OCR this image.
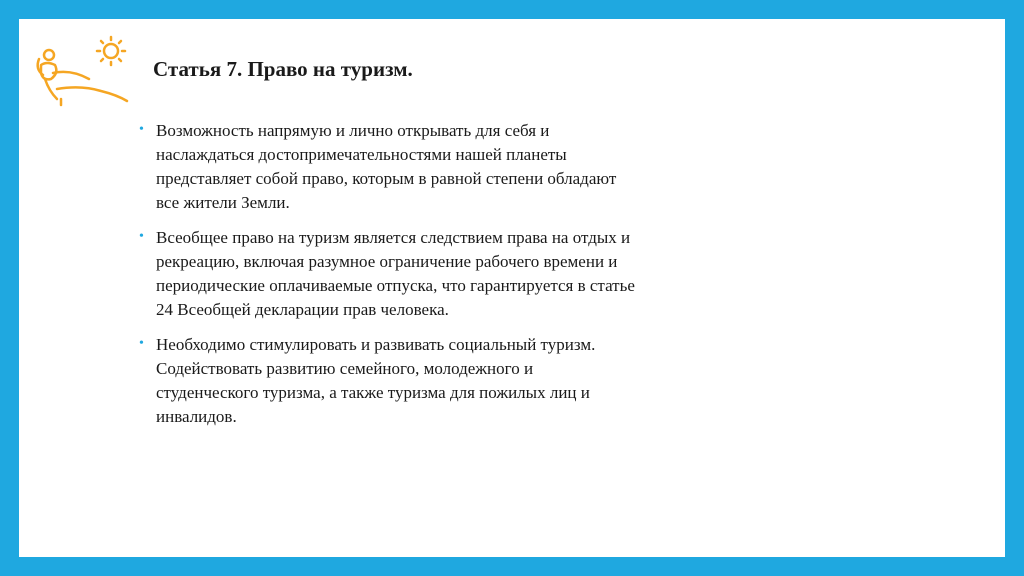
Статья 7. Право на туризм.
• Возможность напрямую и лично открывать для себя и наслаждаться достопримечательностями нашей планеты представляет собой право, которым в равной степени обладают все жители Земли.
• Всеобщее право на туризм является следствием права на отдых и рекреацию, включая разумное ограничение рабочего времени и периодические оплачиваемые отпуска, что гарантируется в статье 24 Всеобщей декларации прав человека.
• Необходимо стимулировать и развивать социальный туризм. Содействовать развитию семейного, молодежного и студенческого туризма, а также туризма для пожилых лиц и инвалидов.
